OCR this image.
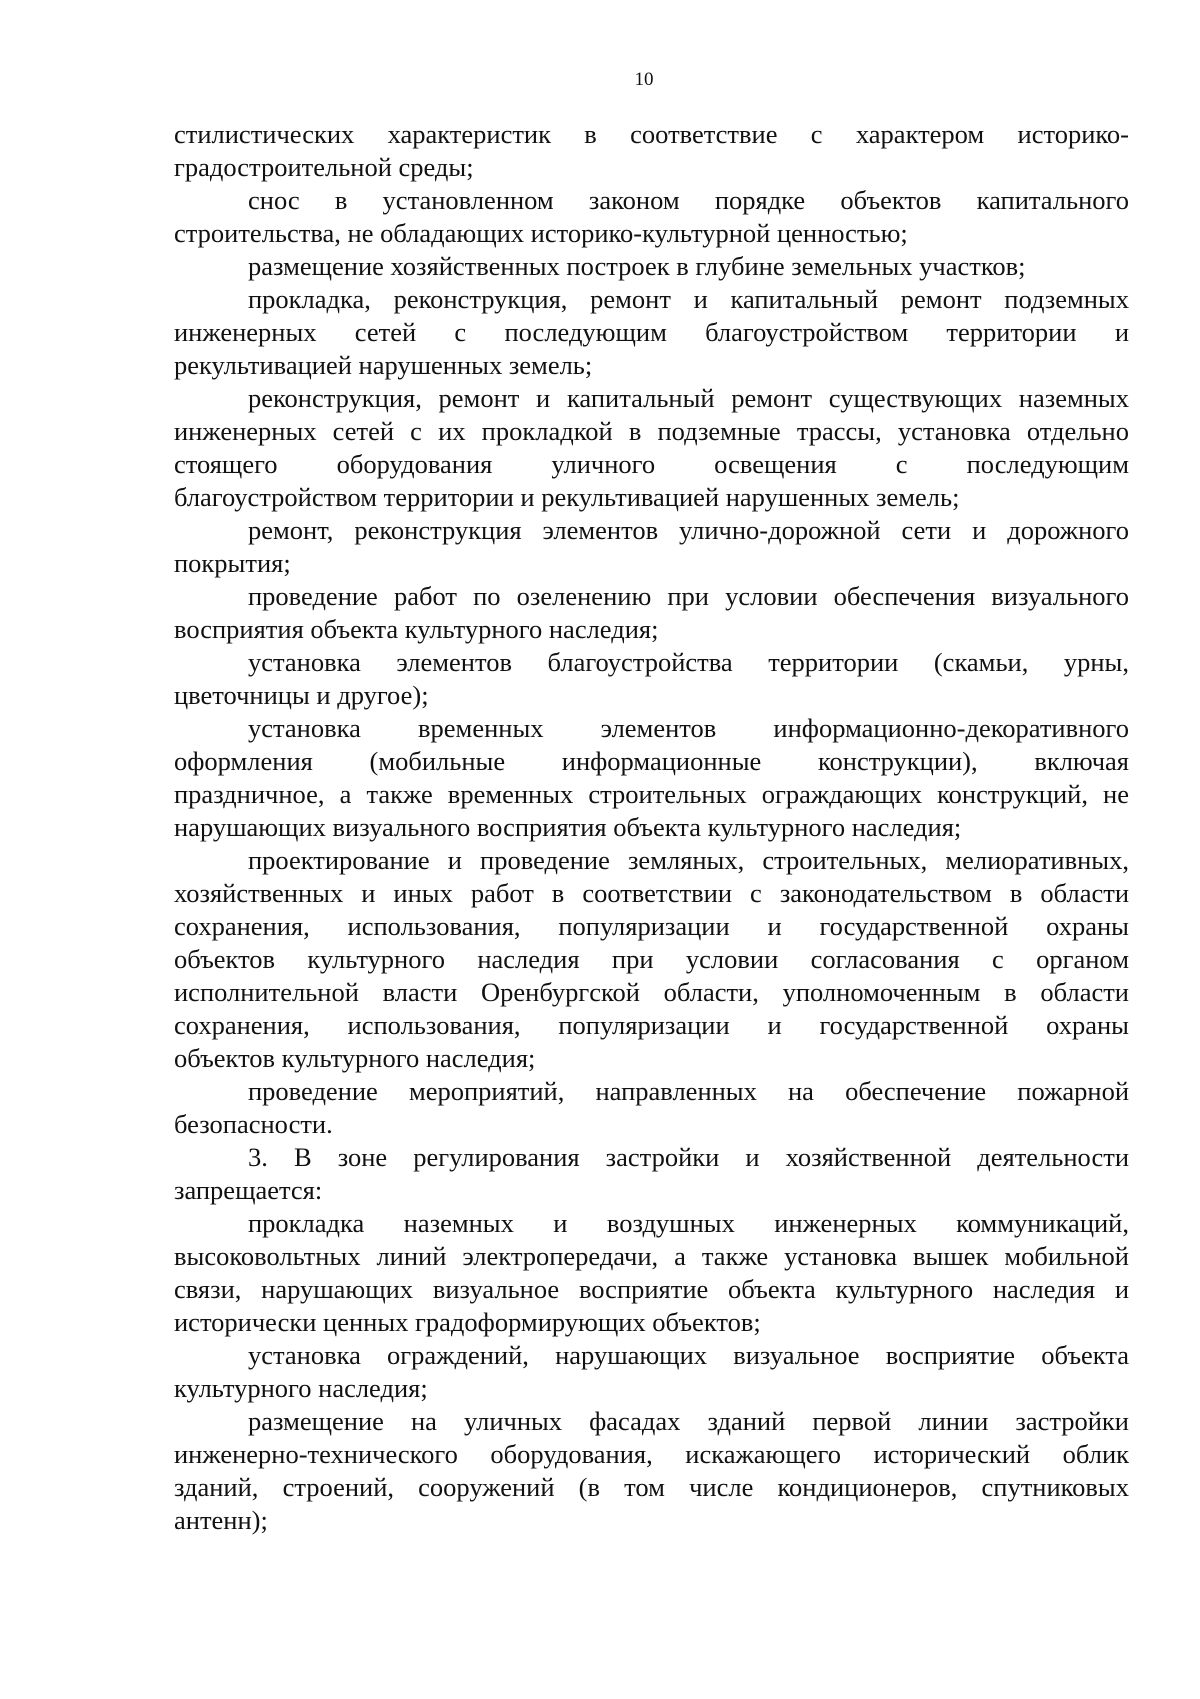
10
стилистических характеристик в соответствие с характером историко-
градостроительной среды;
снос в установленном законом порядке объектов капитального
строительства, не обладающих историко-культурной ценностью;
размещение хозяйственных построек в глубине земельных участков;
прокладка, реконструкция, ремонт и капитальный ремонт подземных
инженерных сетей с последующим благоустройством территории и
рекультивацией нарушенных земель;
реконструкция, ремонт и капитальный ремонт существующих наземных
инженерных сетей с их прокладкой в подземные трассы, установка отдельно
стоящего оборудования уличного освещения с последующим
благоустройством территории и рекультивацией нарушенных земель;
ремонт, реконструкция элементов улично-дорожной сети и дорожного
покрытия;
проведение работ по озеленению при условии обеспечения визуального
восприятия объекта культурного наследия;
установка элементов благоустройства территории (скамьи, урны,
цветочницы и другое);
установка временных элементов информационно-декоративного
оформления (мобильные информационные конструкции), включая
праздничное, а также временных строительных ограждающих конструкций, не
нарушающих визуального восприятия объекта культурного наследия;
проектирование и проведение земляных, строительных, мелиоративных,
хозяйственных и иных работ в соответствии с законодательством в области
сохранения, использования, популяризации и государственной охраны
объектов культурного наследия при условии согласования с органом
исполнительной власти Оренбургской области, уполномоченным в области
сохранения, использования, популяризации и государственной охраны
объектов культурного наследия;
проведение мероприятий, направленных на обеспечение пожарной
безопасности.
3. В зоне регулирования застройки и хозяйственной деятельности
запрещается:
прокладка наземных и воздушных инженерных коммуникаций,
высоковольтных линий электропередачи, а также установка вышек мобильной
связи, нарушающих визуальное восприятие объекта культурного наследия и
исторически ценных градоформирующих объектов;
установка ограждений, нарушающих визуальное восприятие объекта
культурного наследия;
размещение на уличных фасадах зданий первой линии застройки
инженерно-технического оборудования, искажающего исторический облик
зданий, строений, сооружений (в том числе кондиционеров, спутниковых
антенн);
